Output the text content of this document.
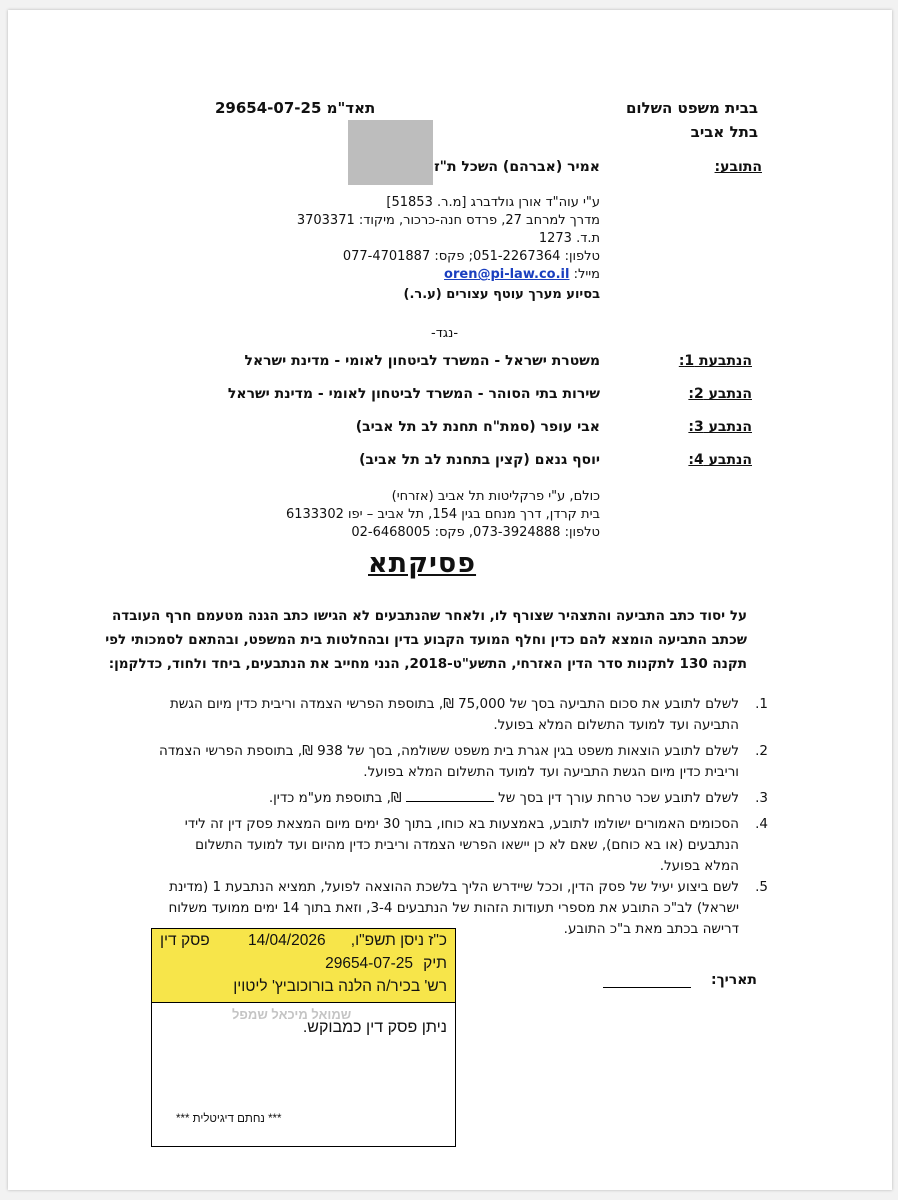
בבית משפט השלום
בתל אביב
תאד"מ 29654-07-25
התובע:
אמיר (אברהם) השכל ת"ז
ע"י עוה"ד אורן גולדברג [מ.ר. 51853]
מדרך למרחב 27, פרדס חנה-כרכור, מיקוד: 3703371
ת.ד. 1273
טלפון: 051-2267364; פקס: 077-4701887
מייל: oren@pi-law.co.il
בסיוע מערך עוטף עצורים (ע.ר.)
-נגד-
הנתבעת 1:
משטרת ישראל - המשרד לביטחון לאומי - מדינת ישראל
הנתבע 2:
שירות בתי הסוהר - המשרד לביטחון לאומי - מדינת ישראל
הנתבע 3:
אבי עופר (סמת"ח תחנת לב תל אביב)
הנתבע 4:
יוסף גנאם (קצין בתחנת לב תל אביב)
כולם, ע"י פרקליטות תל אביב (אזרחי)
בית קרדן, דרך מנחם בגין 154, תל אביב – יפו 6133302
טלפון: 073-3924888, פקס: 02-6468005
פסיקתא
על יסוד כתב התביעה והתצהיר שצורף לו, ולאחר שהנתבעים לא הגישו כתב הגנה מטעמם חרף העובדה
שכתב התביעה הומצא להם כדין וחלף המועד הקבוע בדין ובהחלטות בית המשפט, ובהתאם לסמכותי לפי
תקנה 130 לתקנות סדר הדין האזרחי, התשע"ט-2018, הנני מחייב את הנתבעים, ביחד ולחוד, כדלקמן:
1.
לשלם לתובע את סכום התביעה בסך של 75,000 ₪, בתוספת הפרשי הצמדה וריבית כדין מיום הגשת
התביעה ועד למועד התשלום המלא בפועל.
2.
לשלם לתובע הוצאות משפט בגין אגרת בית משפט ששולמה, בסך של 938 ₪, בתוספת הפרשי הצמדה
וריבית כדין מיום הגשת התביעה ועד למועד התשלום המלא בפועל.
3.
לשלם לתובע שכר טרחת עורך דין בסך של  ₪, בתוספת מע"מ כדין.
4.
הסכומים האמורים ישולמו לתובע, באמצעות בא כוחו, בתוך 30 ימים מיום המצאת פסק דין זה לידי
הנתבעים (או בא כוחם), שאם לא כן יישאו הפרשי הצמדה וריבית כדין מהיום ועד למועד התשלום
המלא בפועל.
5.
לשם ביצוע יעיל של פסק הדין, וככל שיידרש הליך בלשכת ההוצאה לפועל, תמציא הנתבעת 1 (מדינת
ישראל) לב"כ התובע את מספרי תעודות הזהות של הנתבעים 3-4, וזאת בתוך 14 ימים ממועד משלוח
דרישה בכתב מאת ב"כ התובע.
תאריך:
כ"ז ניסן תשפ"ו,
14/04/2026
פסק דין
תיק
29654-07-25
רש' בכיר/ה הלנה בורוכוביץ' ליטוין
שמואל מיכאל שמפל
ניתן פסק דין כמבוקש.
*** נחתם דיגיטלית ***
